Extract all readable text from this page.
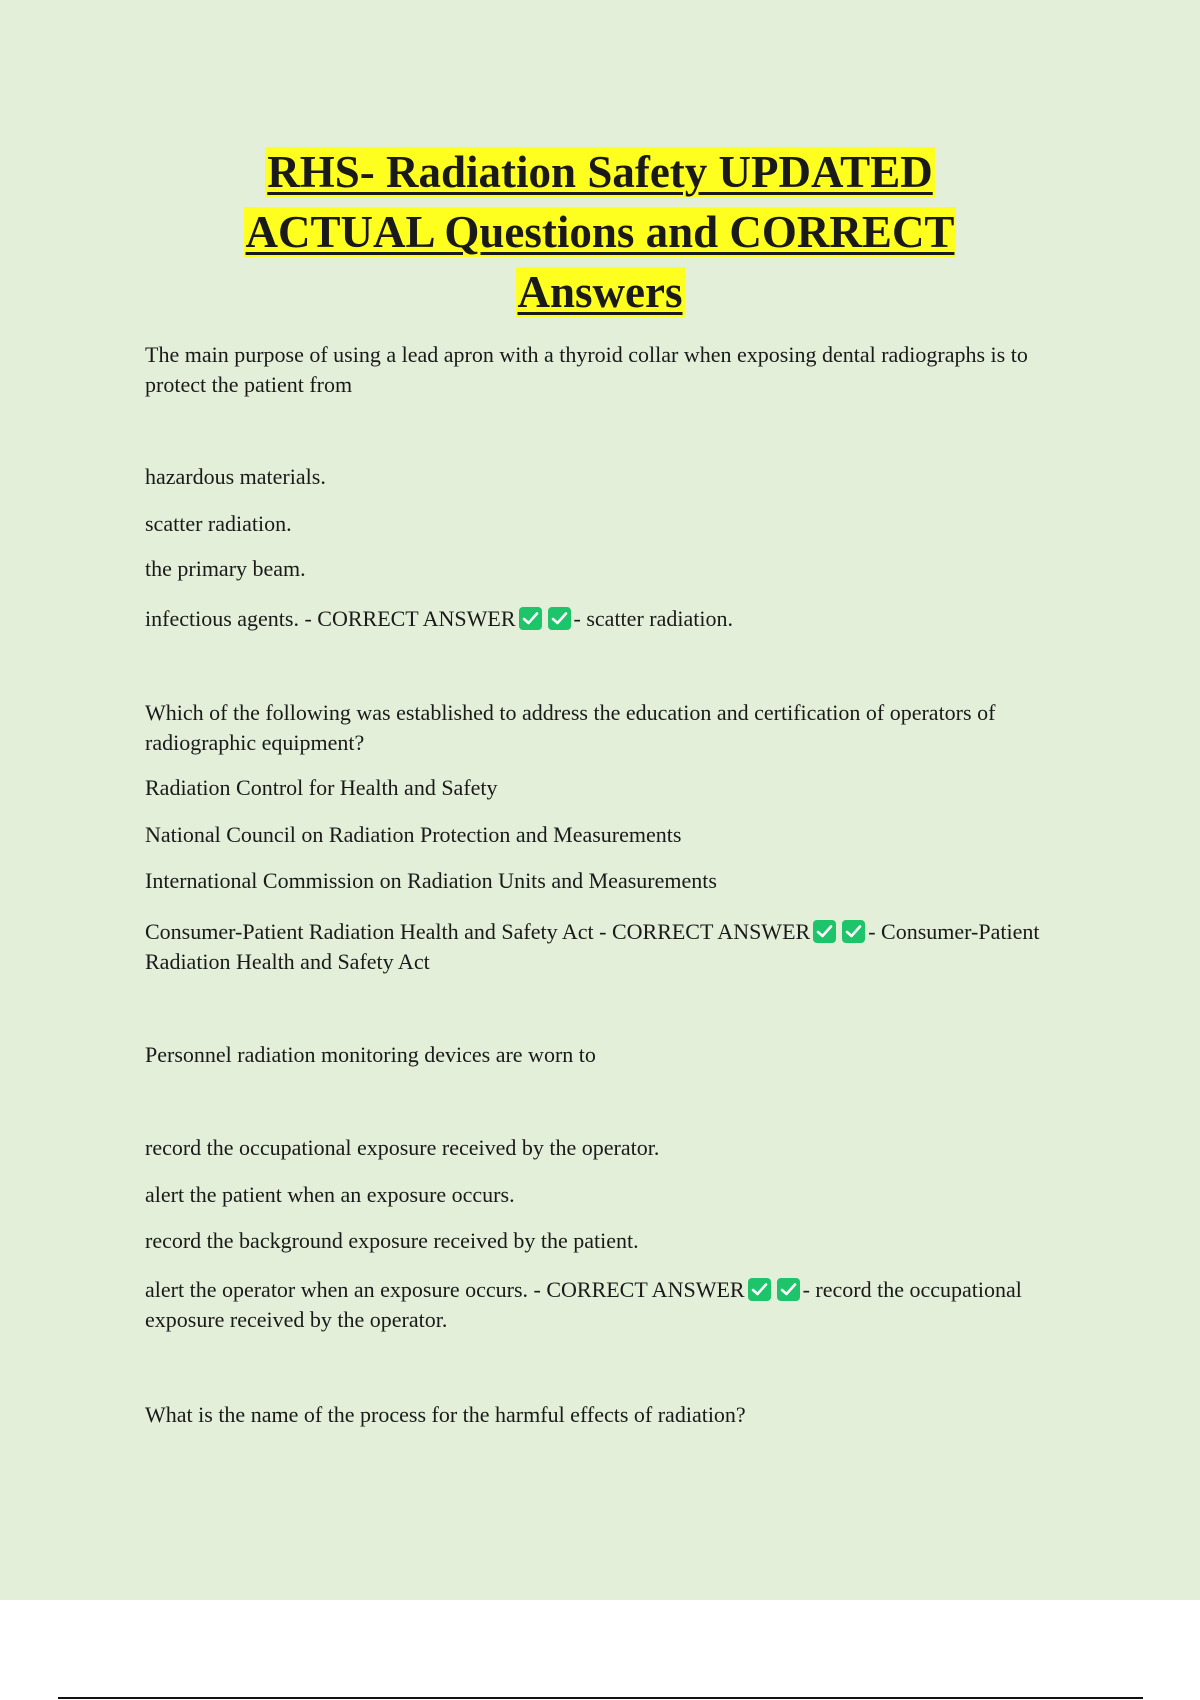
RHS- Radiation Safety UPDATED
ACTUAL Questions and CORRECT
Answers

The main purpose of using a lead apron with a thyroid collar when exposing dental radiographs is to protect the patient from

hazardous materials.

scatter radiation.

the primary beam.

infectious agents. - CORRECT ANSWER	- scatter radiation.

Which of the following was established to address the education and certification of operators of radiographic equipment?

Radiation Control for Health and Safety

National Council on Radiation Protection and Measurements

International Commission on Radiation Units and Measurements

Consumer-Patient Radiation Health and Safety Act - CORRECT ANSWER	- Consumer-Patient Radiation Health and Safety Act

Personnel radiation monitoring devices are worn to

record the occupational exposure received by the operator.

alert the patient when an exposure occurs.

record the background exposure received by the patient.

alert the operator when an exposure occurs. - CORRECT ANSWER	- record the occupational exposure received by the operator.

What is the name of the process for the harmful effects of radiation?
